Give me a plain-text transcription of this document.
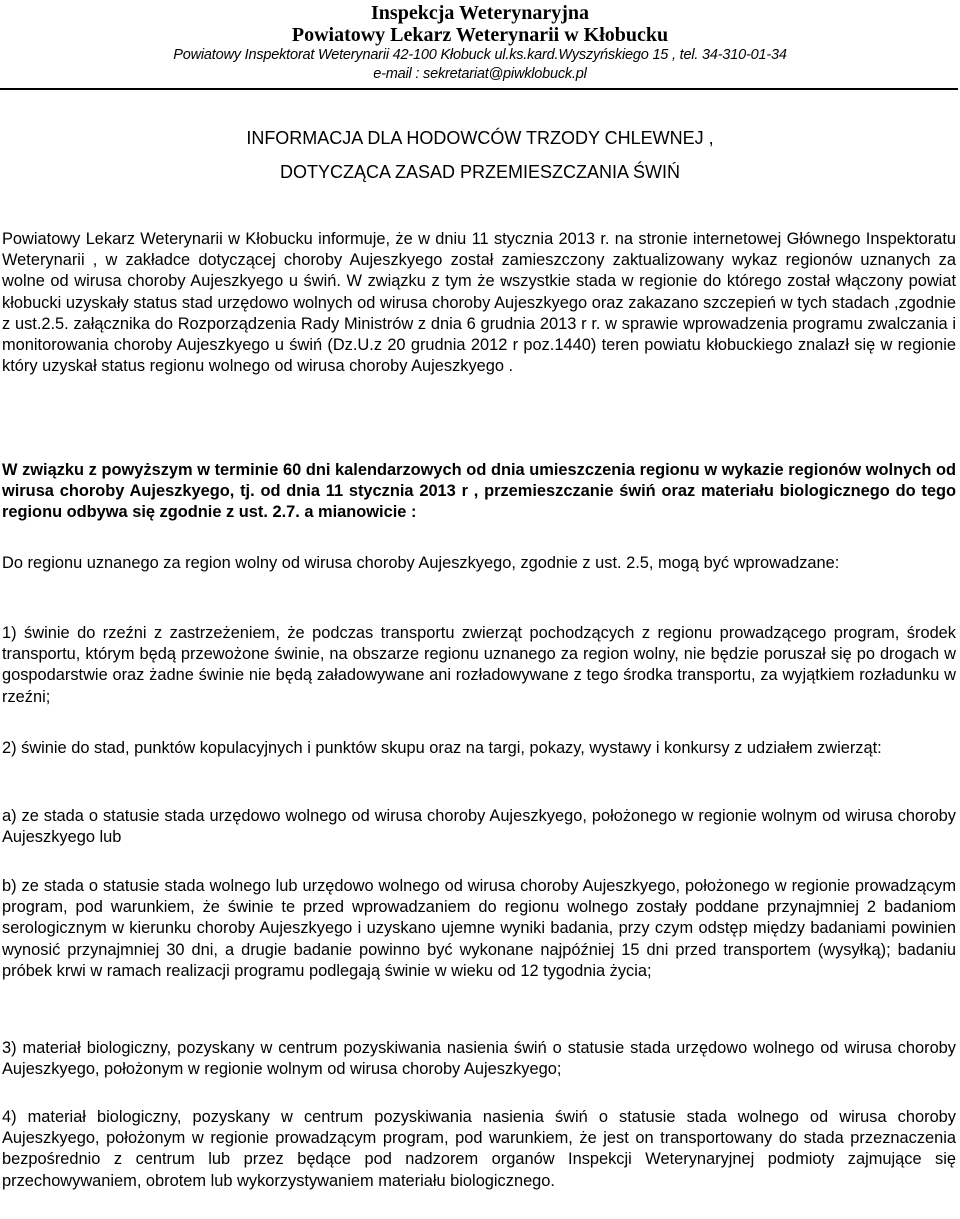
Inspekcja Weterynaryjna
Powiatowy Lekarz Weterynarii w Kłobucku
Powiatowy Inspektorat Weterynarii 42-100 Kłobuck ul.ks.kard.Wyszyńskiego 15 , tel. 34-310-01-34
e-mail : sekretariat@piwklobuck.pl
INFORMACJA DLA HODOWCÓW TRZODY CHLEWNEJ ,
DOTYCZĄCA ZASAD PRZEMIESZCZANIA ŚWIŃ
Powiatowy Lekarz Weterynarii w Kłobucku informuje, że w dniu 11 stycznia 2013 r. na stronie internetowej Głównego Inspektoratu Weterynarii , w zakładce dotyczącej choroby Aujeszkyego został zamieszczony zaktualizowany wykaz regionów uznanych za wolne od wirusa choroby Aujeszkyego u świń. W związku z tym że wszystkie stada w regionie do którego został włączony powiat kłobucki uzyskały status stad urzędowo wolnych od wirusa choroby Aujeszkyego oraz zakazano szczepień w tych stadach ,zgodnie z ust.2.5. załącznika do Rozporządzenia Rady Ministrów z dnia 6 grudnia 2013 r r. w sprawie wprowadzenia programu zwalczania i monitorowania choroby Aujeszkyego u świń (Dz.U.z 20 grudnia 2012 r poz.1440) teren powiatu kłobuckiego znalazł się w regionie który uzyskał status regionu wolnego od wirusa choroby Aujeszkyego .
W związku z powyższym w terminie 60 dni kalendarzowych od dnia umieszczenia regionu w wykazie regionów wolnych od wirusa choroby Aujeszkyego, tj. od dnia 11 stycznia 2013 r , przemieszczanie świń oraz materiału biologicznego do tego regionu odbywa się zgodnie z ust. 2.7. a mianowicie :
Do regionu uznanego za region wolny od wirusa choroby Aujeszkyego, zgodnie z ust. 2.5, mogą być wprowadzane:
1) świnie do rzeźni z zastrzeżeniem, że podczas transportu zwierząt pochodzących z regionu prowadzącego program, środek transportu, którym będą przewożone świnie, na obszarze regionu uznanego za region wolny, nie będzie poruszał się po drogach w gospodarstwie oraz żadne świnie nie będą załadowywane ani rozładowywane z tego środka transportu, za wyjątkiem rozładunku w rzeźni;
2) świnie do stad, punktów kopulacyjnych i punktów skupu oraz na targi, pokazy, wystawy i konkursy z udziałem zwierząt:
a) ze stada o statusie stada urzędowo wolnego od wirusa choroby Aujeszkyego, położonego w regionie wolnym od wirusa choroby Aujeszkyego lub
b) ze stada o statusie stada wolnego lub urzędowo wolnego od wirusa choroby Aujeszkyego, położonego w regionie prowadzącym program, pod warunkiem, że świnie te przed wprowadzaniem do regionu wolnego zostały poddane przynajmniej 2 badaniom serologicznym w kierunku choroby Aujeszkyego i uzyskano ujemne wyniki badania, przy czym odstęp między badaniami powinien wynosić przynajmniej 30 dni, a drugie badanie powinno być wykonane najpóźniej 15 dni przed transportem (wysyłką); badaniu próbek krwi w ramach realizacji programu podlegają świnie w wieku od 12 tygodnia życia;
3) materiał biologiczny, pozyskany w centrum pozyskiwania nasienia świń o statusie stada urzędowo wolnego od wirusa choroby Aujeszkyego, położonym w regionie wolnym od wirusa choroby Aujeszkyego;
4) materiał biologiczny, pozyskany w centrum pozyskiwania nasienia świń o statusie stada wolnego od wirusa choroby Aujeszkyego, położonym w regionie prowadzącym program, pod warunkiem, że jest on transportowany do stada przeznaczenia bezpośrednio z centrum lub przez będące pod nadzorem organów Inspekcji Weterynaryjnej podmioty zajmujące się przechowywaniem, obrotem lub wykorzystywaniem materiału biologicznego.
